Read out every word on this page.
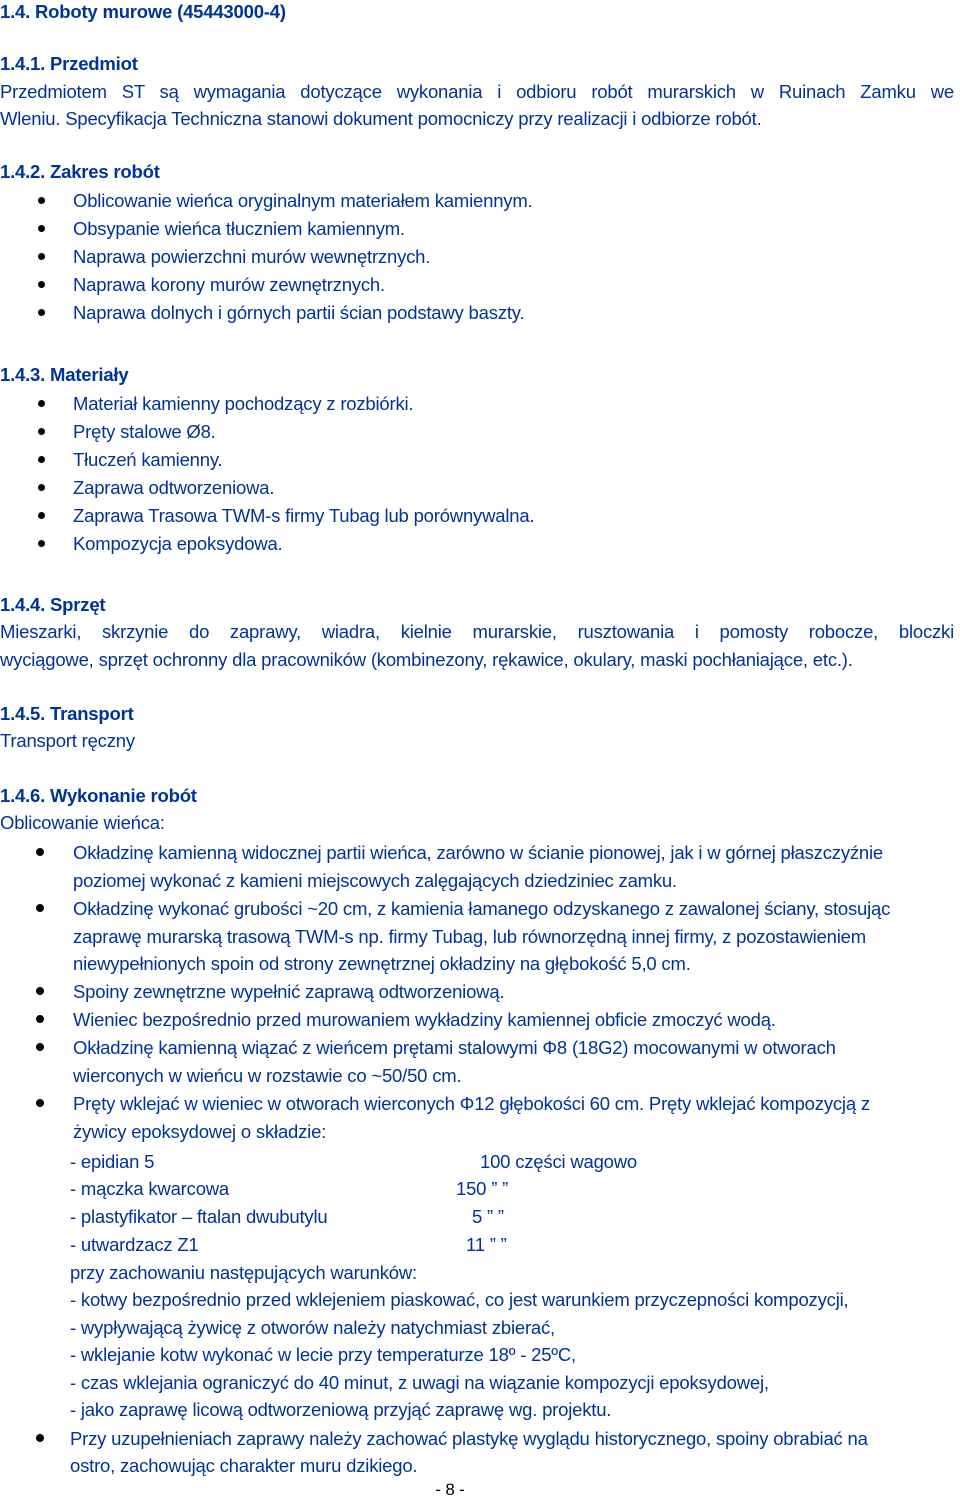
1.4. Roboty murowe (45443000-4)
1.4.1. Przedmiot
Przedmiotem ST są wymagania dotyczące wykonania i odbioru robót murarskich w Ruinach Zamku we
Wleniu. Specyfikacja Techniczna stanowi dokument pomocniczy przy realizacji i odbiorze robót.
1.4.2. Zakres robót
Oblicowanie wieńca oryginalnym materiałem kamiennym.
Obsypanie wieńca tłuczniem kamiennym.
Naprawa powierzchni murów wewnętrznych.
Naprawa korony murów zewnętrznych.
Naprawa dolnych i górnych partii ścian podstawy baszty.
1.4.3. Materiały
Materiał kamienny pochodzący z rozbiórki.
Pręty stalowe Ø8.
Tłuczeń kamienny.
Zaprawa odtworzeniowa.
Zaprawa Trasowa TWM-s firmy Tubag lub porównywalna.
Kompozycja epoksydowa.
1.4.4. Sprzęt
Mieszarki, skrzynie do zaprawy, wiadra, kielnie murarskie, rusztowania i pomosty robocze, bloczki
wyciągowe, sprzęt ochronny dla pracowników (kombinezony, rękawice, okulary, maski pochłaniające, etc.).
1.4.5. Transport
Transport ręczny
1.4.6. Wykonanie robót
Oblicowanie wieńca:
Okładzinę kamienną widocznej partii wieńca, zarówno w ścianie pionowej, jak i w górnej płaszczyźnie
poziomej wykonać z kamieni miejscowych zalęgających dziedziniec zamku.
Okładzinę wykonać grubości ~20 cm, z kamienia łamanego odzyskanego z zawalonej ściany, stosując
zaprawę murarską trasową TWM-s np. firmy Tubag, lub równorzędną innej firmy, z pozostawieniem
niewypełnionych spoin od strony zewnętrznej okładziny na głębokość 5,0 cm.
Spoiny zewnętrzne wypełnić zaprawą odtworzeniową.
Wieniec bezpośrednio przed murowaniem wykładziny kamiennej obficie zmoczyć wodą.
Okładzinę kamienną wiązać z wieńcem prętami stalowymi Φ8 (18G2) mocowanymi w otworach
wierconych w wieńcu w rozstawie co ~50/50 cm.
Pręty wklejać w wieniec w otworach wierconych Φ12 głębokości 60 cm. Pręty wklejać kompozycją z
żywicy epoksydowej o składzie:
- epidian 5	100 części wagowo
- mączka kwarcowa	150 ” ”
- plastyfikator – ftalan dwubutylu	5 ” ”
- utwardzacz Z1	11 ” ”
przy zachowaniu następujących warunków:
- kotwy bezpośrednio przed wklejeniem piaskować, co jest warunkiem przyczepności kompozycji,
- wypływającą żywicę z otworów należy natychmiast zbierać,
- wklejanie kotw wykonać w lecie przy temperaturze 18º - 25ºC,
- czas wklejania ograniczyć do 40 minut, z uwagi na wiązanie kompozycji epoksydowej,
- jako zaprawę licową odtworzeniową przyjąć zaprawę wg. projektu.
Przy uzupełnieniach zaprawy należy zachować plastykę wyglądu historycznego, spoiny obrabiać na
ostro, zachowując charakter muru dzikiego.
- 8 -
